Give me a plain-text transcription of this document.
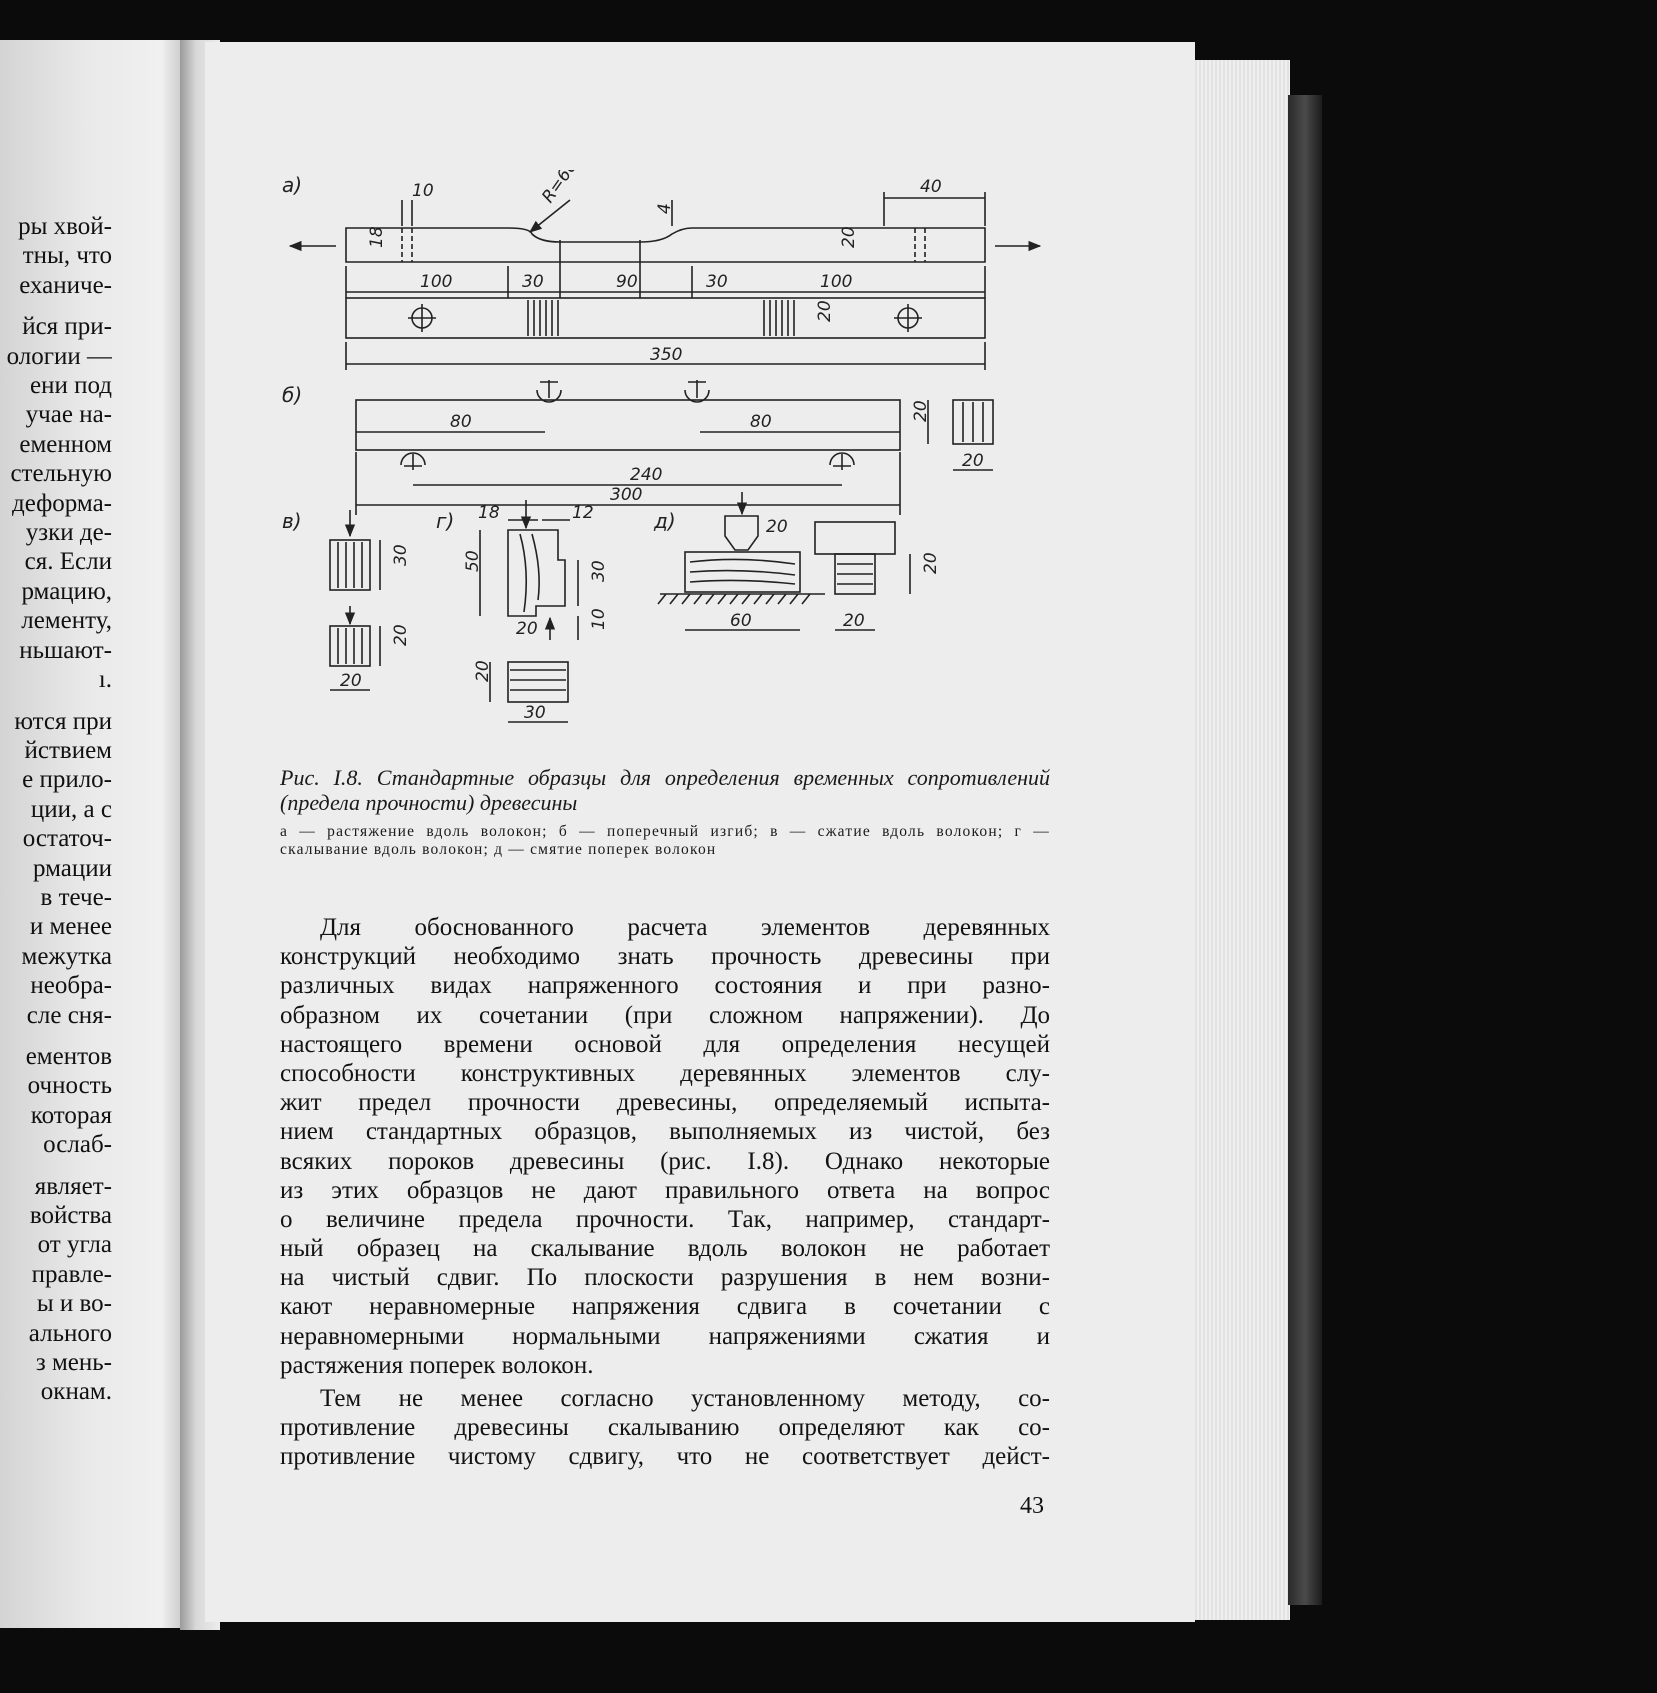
ры хвой-
тны, что
еханиче-
йся при-
ологии —
ени под
учае на-
еменном
стельную
деформа-
узки де-
ся. Если
рмацию,
лементу,
ньшают-
ı.
ются при
йствием
е прило-
ции, а с
остаточ-
рмации
в тече-
и менее
межутка
необра-
сле сня-
ементов
очность
которая
ослаб-
являет-
войства
от угла
правле-
ы и во-
ального
з мень-
окнам.
а)
б)
в)	г)	д)
10	R=60	40
18
4
20
100	30	90	30	100
20
350
80	80
240
300
20
20
30
20
20
18	12
50	30
20	10
20
30
20
20
60	20
Рис. I.8. Стандартные образцы для определения временных сопротивлений (предела прочности) древесины
а — растяжение вдоль волокон; б — поперечный изгиб; в — сжатие вдоль волокон; г — скалывание вдоль волокон; д — смятие поперек волокон
Для обоснованного расчета элементов деревянных
конструкций необходимо знать прочность древесины при
различных видах напряженного состояния и при разно-
образном их сочетании (при сложном напряжении). До
настоящего времени основой для определения несущей
способности конструктивных деревянных элементов слу-
жит предел прочности древесины, определяемый испыта-
нием стандартных образцов, выполняемых из чистой, без
всяких пороков древесины (рис. I.8). Однако некоторые
из этих образцов не дают правильного ответа на вопрос
о величине предела прочности. Так, например, стандарт-
ный образец на скалывание вдоль волокон не работает
на чистый сдвиг. По плоскости разрушения в нем возни-
кают неравномерные напряжения сдвига в сочетании с
неравномерными нормальными напряжениями сжатия и
растяжения поперек волокон.
Тем не менее согласно установленному методу, со-
противление древесины скалыванию определяют как со-
противление чистому сдвигу, что не соответствует дейст-
43
